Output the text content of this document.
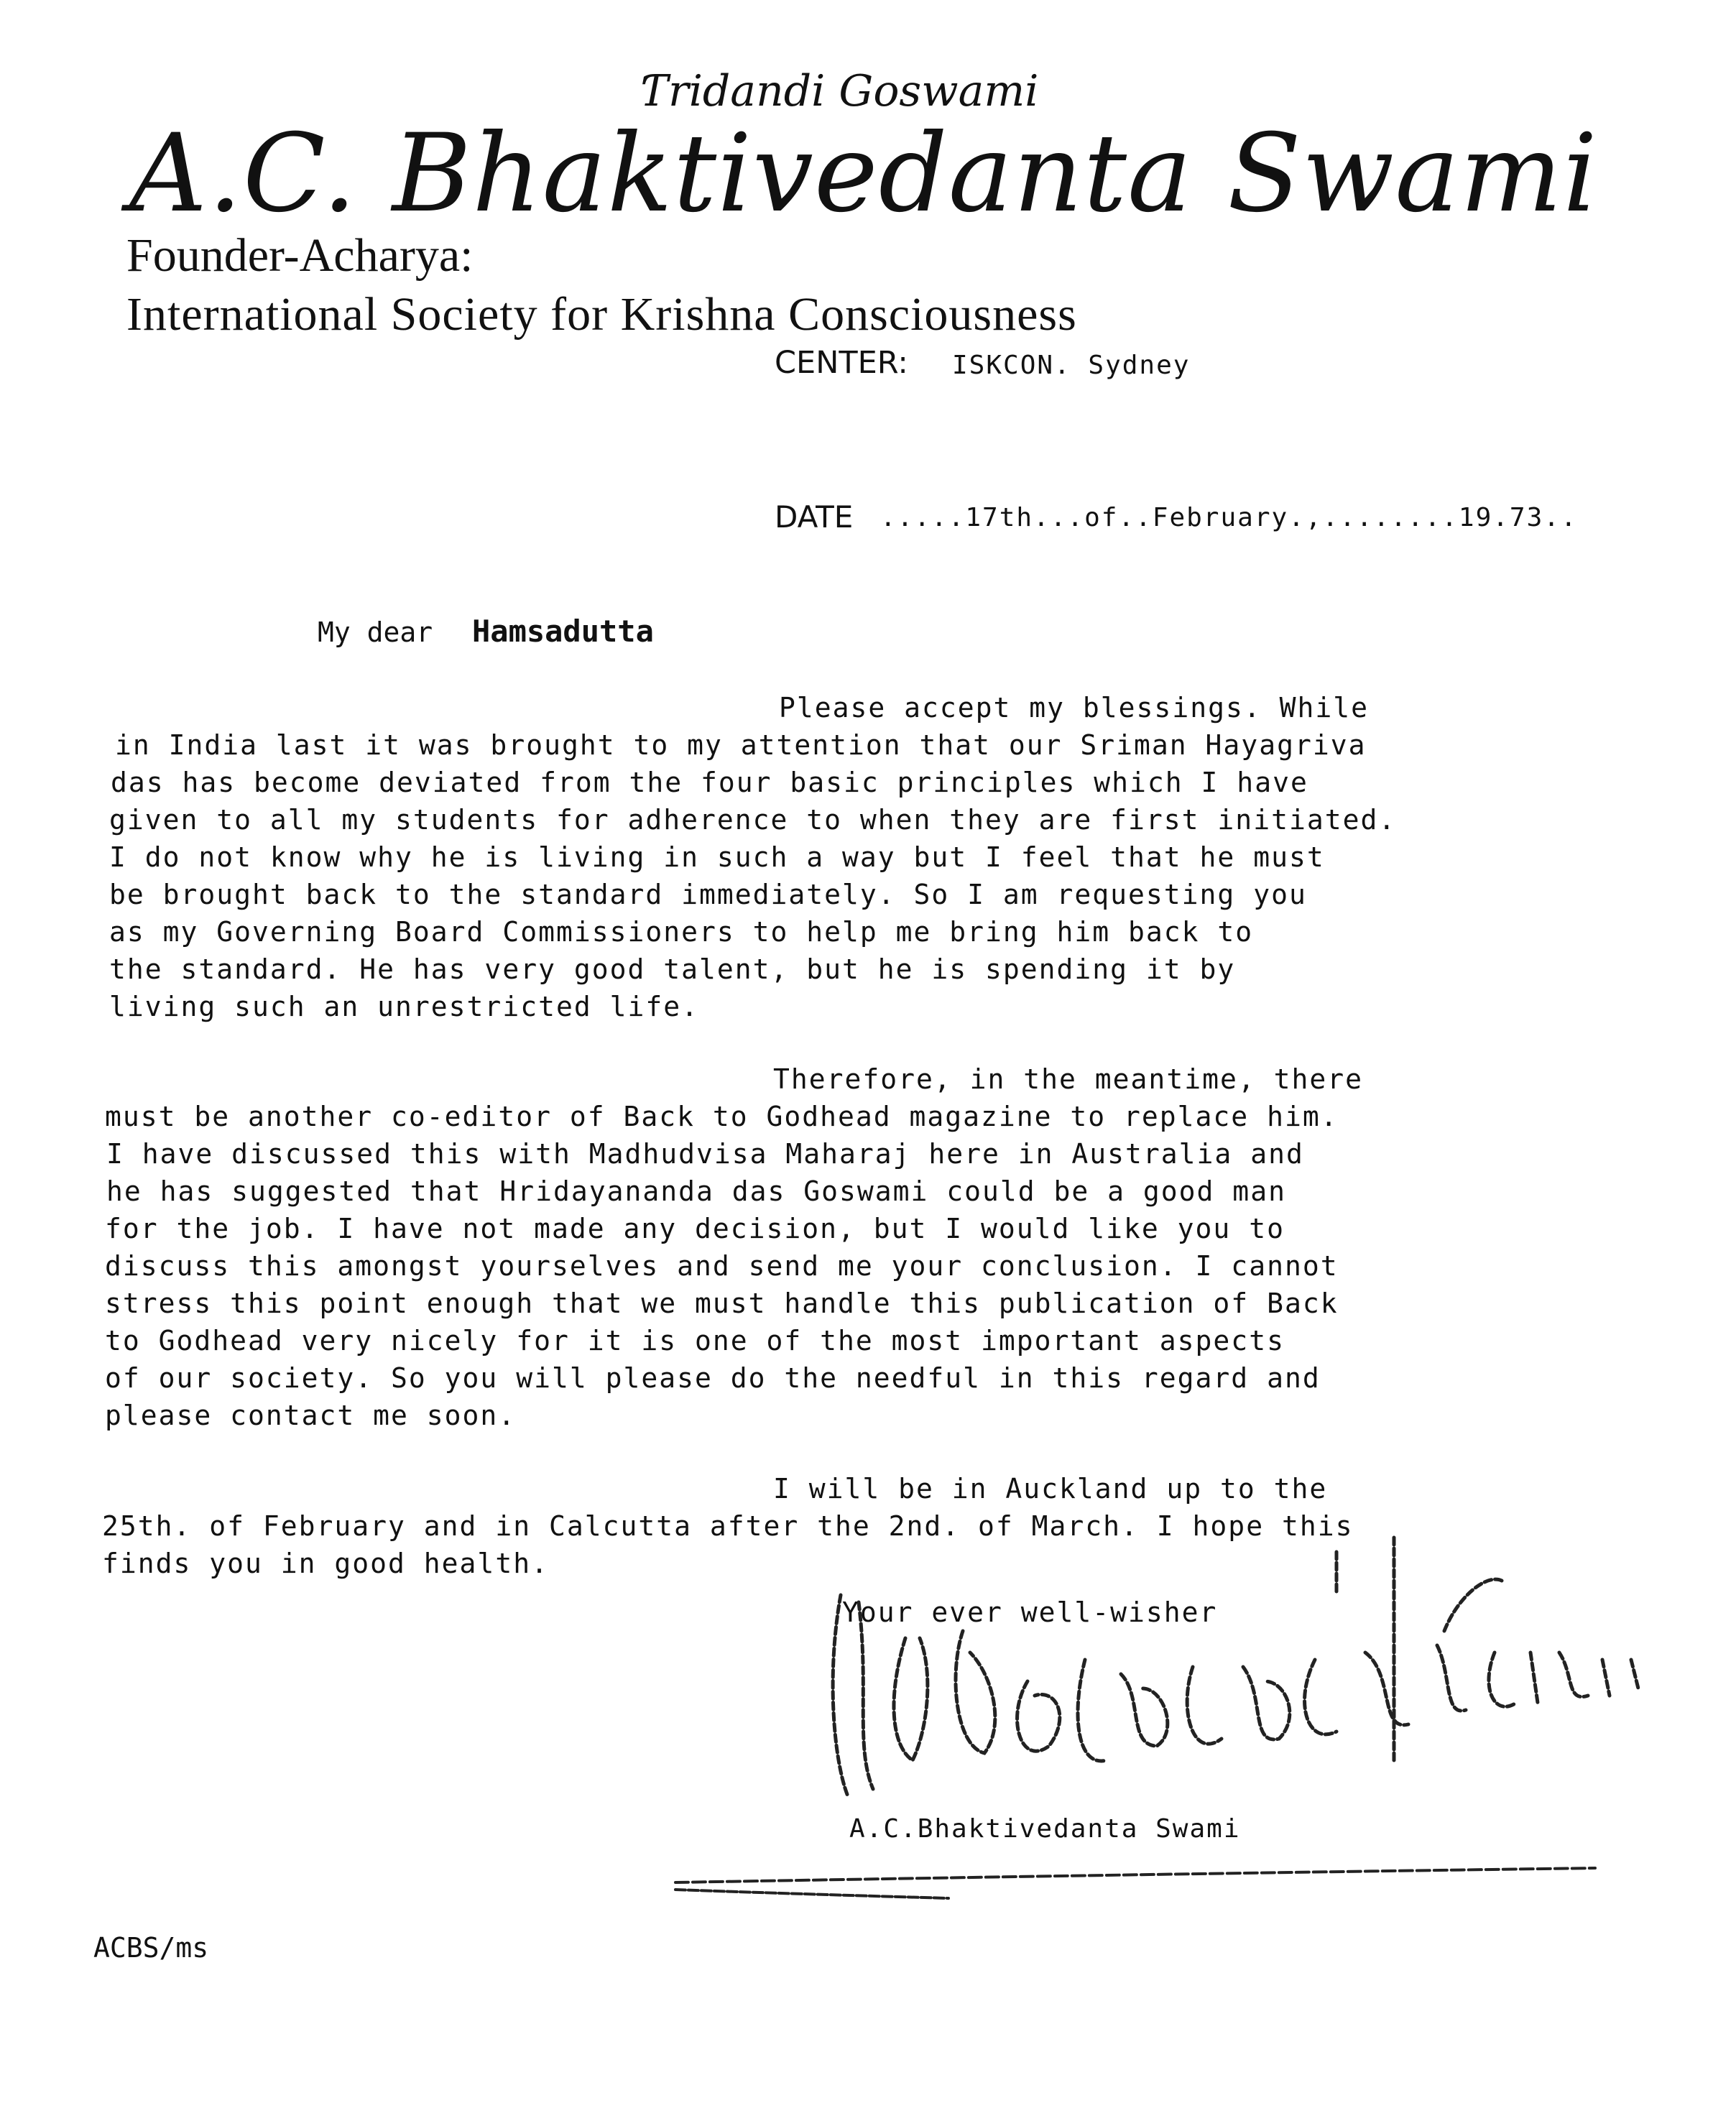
Ƭridandi Goswami
A.C. Bhaktivedanta Swami
Founder-Acharya:
International Society for Krishna Consciousness
CENTER: ISKCON. Sydney
DATE .....17th...of..February.,........19.73..
My dear Hamsadutta
Please accept my blessings. While
in India last it was brought to my attention that our Sriman Hayagriva
das has become deviated from the four basic principles which I have
given to all my students for adherence to when they are first initiated.
I do not know why he is living in such a way but I feel that he must
be brought back to the standard immediately. So I am requesting you
as my Governing Board Commissioners to help me bring him back to
the standard. He has very good talent, but he is spending it by
living such an unrestricted life.
Therefore, in the meantime, there
must be another co-editor of Back to Godhead magazine to replace him.
I have discussed this with Madhudvisa Maharaj here in Australia and
he has suggested that Hridayananda das Goswami could be a good man
for the job. I have not made any decision, but I would like you to
discuss this amongst yourselves and send me your conclusion. I cannot
stress this point enough that we must handle this publication of Back
to Godhead very nicely for it is one of the most important aspects
of our society. So you will please do the needful in this regard and
please contact me soon.
I will be in Auckland up to the
25th. of February and in Calcutta after the 2nd. of March. I hope this
finds you in good health.
Your ever well-wisher
A.C.Bhaktivedanta Swami
ACBS/ms
